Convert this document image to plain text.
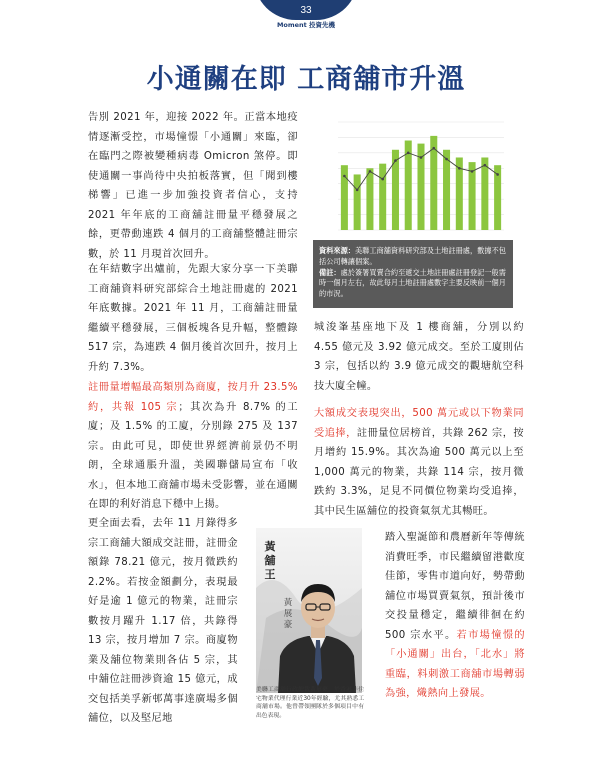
33
Moment 投資先機
小通關在即 工商舖市升溫
告別 2021 年，迎接 2022 年。正當本地疫情逐漸受控，市場憧憬「小通關」來臨，卻在臨門之際被變種病毒 Omicron 煞停。即使通關一事尚待中央拍板落實，但「聞到樓梯響」已進一步加強投資者信心，支持 2021 年年底的工商舖註冊量平穩發展之餘，更帶動連跌 4 個月的工商舖整體註冊宗數，於 11 月現首次回升。
在年結數字出爐前，先跟大家分享一下美聯工商舖資料研究部綜合土地註冊處的 2021 年底數據。2021 年 11 月，工商舖註冊量繼續平穩發展，三個板塊各見升幅，整體錄 517 宗，為連跌 4 個月後首次回升，按月上升約 7.3%。
註冊量增幅最高類別為商廈，按月升 23.5% 約，共報 105 宗；其次為升 8.7% 的工廈；及 1.5% 的工廈，分別錄 275 及 137 宗。由此可見，即使世界經濟前景仍不明朗，全球通脹升溫，美國聯儲局宣布「收水」，但本地工商舖市場未受影響，並在通關在即的利好消息下穩中上揚。
更全面去看，去年 11 月錄得多宗工商舖大額成交註冊，註冊金額錄 78.21 億元，按月微跌約 2.2%。若按金額劃分，表現最好是逾 1 億元的物業，註冊宗數按月躍升 1.17 倍，共錄得 13 宗，按月增加 7 宗。商廈物業及舖位物業則各佔 5 宗，其中舖位註冊涉資逾 15 億元，成交包括美孚新邨萬事達廣場多個舖位，以及堅尼地
資料來源：美聯工商舖資料研究部及土地註冊處，數據不包括公司轉讓個案。
備註：處於簽署買賣合約至遞交土地註冊處註冊登記一般需時一個月左右，故此每月土地註冊處數字主要反映前一個月的市況。
城浚峯基座地下及 1 樓商舖，分別以約 4.55 億元及 3.92 億元成交。至於工廈則佔 3 宗，包括以約 3.9 億元成交的觀塘航空科技大廈全幢。
大額成交表現突出，500 萬元或以下物業同受追捧，註冊量位居榜首，共錄 262 宗，按月增約 15.9%。其次為逾 500 萬元以上至 1,000 萬元的物業，共錄 114 宗，按月微跌約 3.3%，足見不同價位物業均受追捧，其中民生區舖位的投資氣氛尤其暢旺。
踏入聖誕節和農曆新年等傳統消費旺季，市民繼續留港歡度佳節，零售市道向好，勢帶動舖位市場買賣氣氛，預計後市交投量穩定，繼續徘徊在約 500 宗水平。若市場憧憬的「小通關」出台，「北水」將重臨，料刺激工商舖市場轉弱為強，熾熱向上發展。
黃
舖
王
黃
展
豪
美聯工商舖行政總裁黃展豪，於香港非住宅物業代理行業近30年經驗，尤其熟悉工商舖市場。他曾帶領團隊於多個項目中有出色表現。
